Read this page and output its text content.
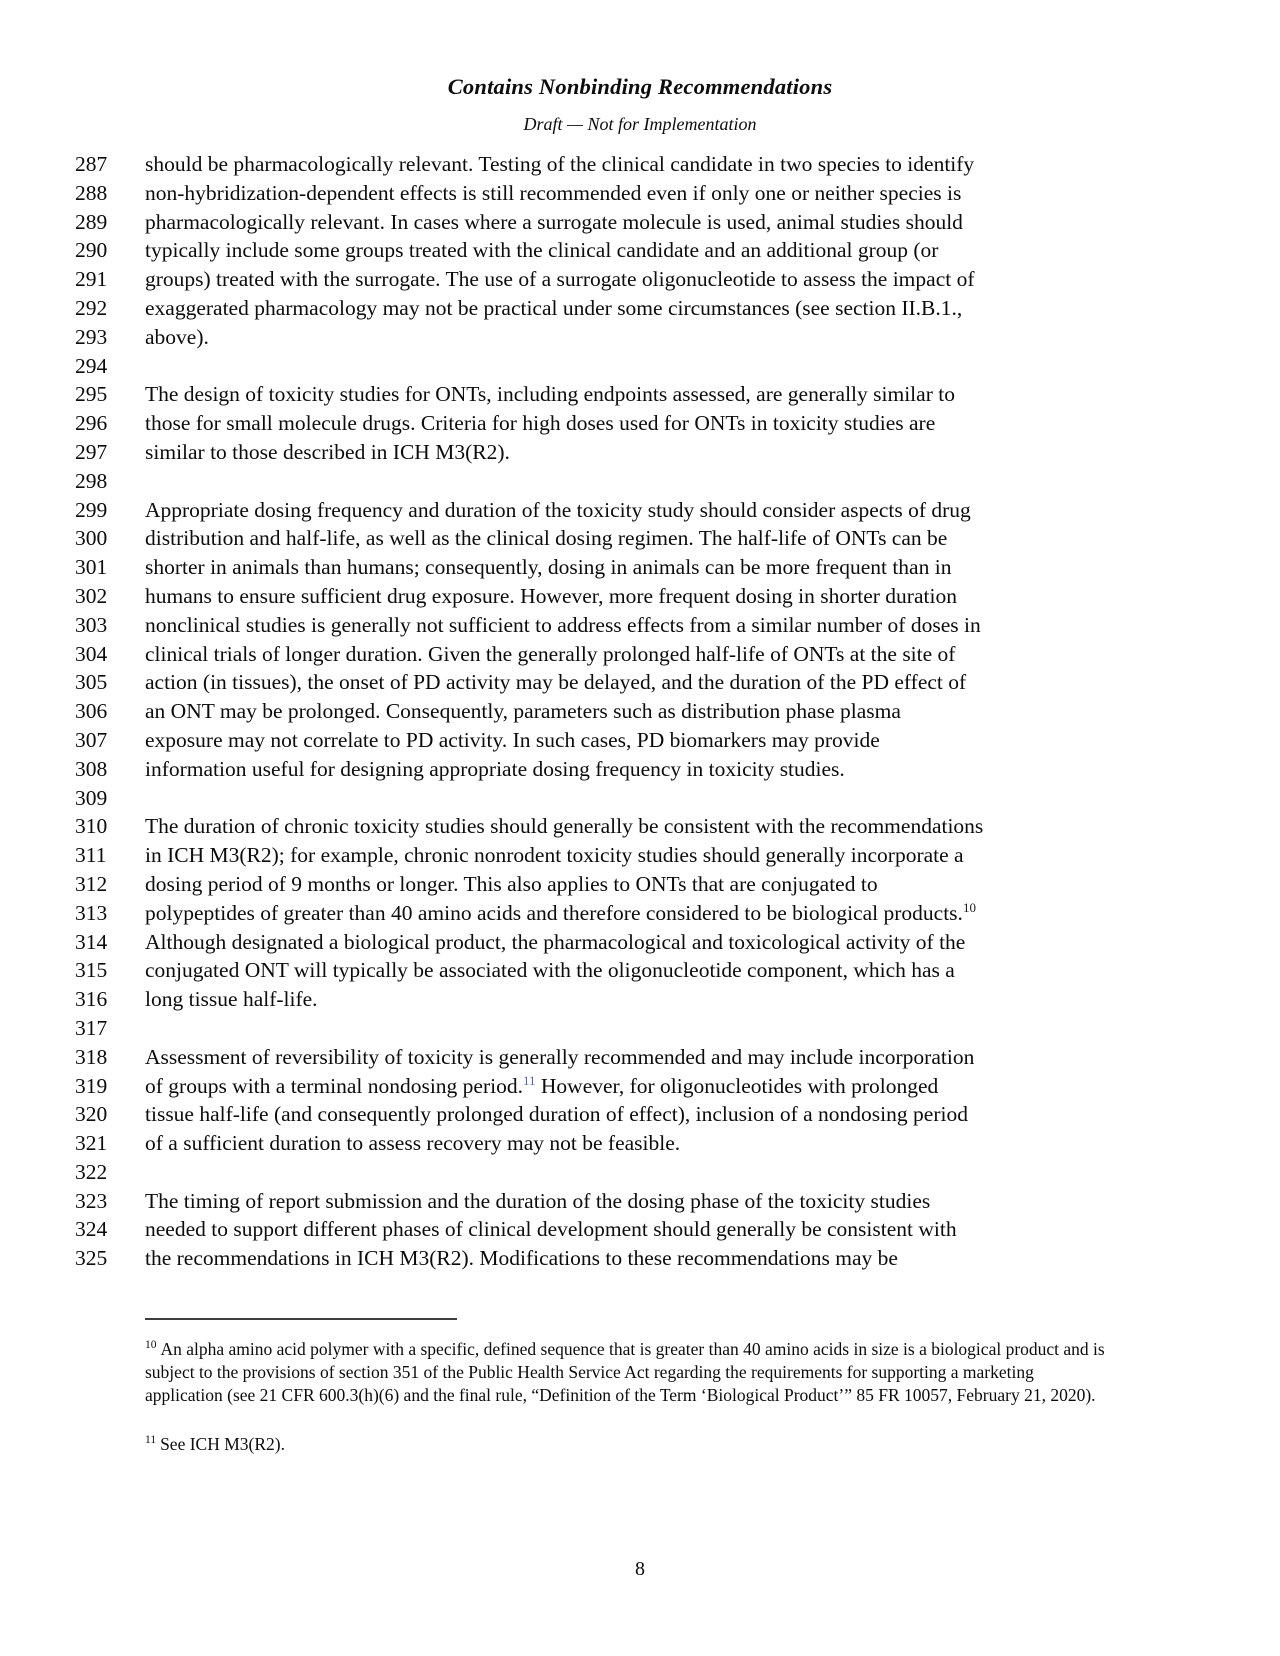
Contains Nonbinding Recommendations
Draft — Not for Implementation
287	should be pharmacologically relevant. Testing of the clinical candidate in two species to identify
288	non-hybridization-dependent effects is still recommended even if only one or neither species is
289	pharmacologically relevant. In cases where a surrogate molecule is used, animal studies should
290	typically include some groups treated with the clinical candidate and an additional group (or
291	groups) treated with the surrogate. The use of a surrogate oligonucleotide to assess the impact of
292	exaggerated pharmacology may not be practical under some circumstances (see section II.B.1.,
293	above).
294
295	The design of toxicity studies for ONTs, including endpoints assessed, are generally similar to
296	those for small molecule drugs. Criteria for high doses used for ONTs in toxicity studies are
297	similar to those described in ICH M3(R2).
298
299	Appropriate dosing frequency and duration of the toxicity study should consider aspects of drug
300	distribution and half-life, as well as the clinical dosing regimen. The half-life of ONTs can be
301	shorter in animals than humans; consequently, dosing in animals can be more frequent than in
302	humans to ensure sufficient drug exposure. However, more frequent dosing in shorter duration
303	nonclinical studies is generally not sufficient to address effects from a similar number of doses in
304	clinical trials of longer duration. Given the generally prolonged half-life of ONTs at the site of
305	action (in tissues), the onset of PD activity may be delayed, and the duration of the PD effect of
306	an ONT may be prolonged. Consequently, parameters such as distribution phase plasma
307	exposure may not correlate to PD activity. In such cases, PD biomarkers may provide
308	information useful for designing appropriate dosing frequency in toxicity studies.
309
310	The duration of chronic toxicity studies should generally be consistent with the recommendations
311	in ICH M3(R2); for example, chronic nonrodent toxicity studies should generally incorporate a
312	dosing period of 9 months or longer. This also applies to ONTs that are conjugated to
313	polypeptides of greater than 40 amino acids and therefore considered to be biological products.$^{10}$
314	Although designated a biological product, the pharmacological and toxicological activity of the
315	conjugated ONT will typically be associated with the oligonucleotide component, which has a
316	long tissue half-life.
317
318	Assessment of reversibility of toxicity is generally recommended and may include incorporation
319	of groups with a terminal nondosing period.$^{11}$ However, for oligonucleotides with prolonged
320	tissue half-life (and consequently prolonged duration of effect), inclusion of a nondosing period
321	of a sufficient duration to assess recovery may not be feasible.
322
323	The timing of report submission and the duration of the dosing phase of the toxicity studies
324	needed to support different phases of clinical development should generally be consistent with
325	the recommendations in ICH M3(R2). Modifications to these recommendations may be
$^{10}$ An alpha amino acid polymer with a specific, defined sequence that is greater than 40 amino acids in size is a biological product and is subject to the provisions of section 351 of the Public Health Service Act regarding the requirements for supporting a marketing application (see 21 CFR 600.3(h)(6) and the final rule, “Definition of the Term ‘Biological Product’” 85 FR 10057, February 21, 2020).
$^{11}$ See ICH M3(R2).
8
